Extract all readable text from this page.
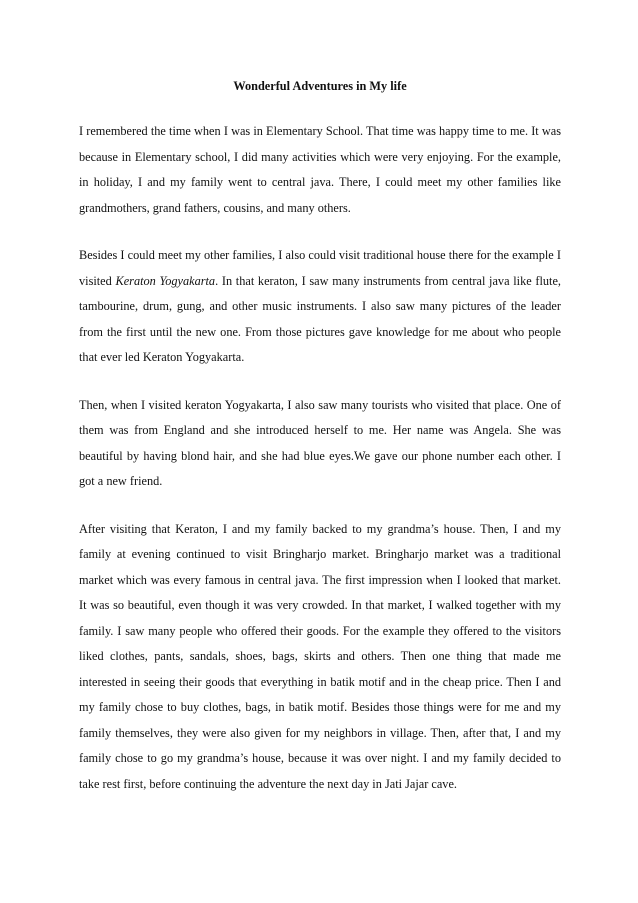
Wonderful Adventures in My life

I remembered the time when I was in Elementary School. That time was happy time to me. It was because in Elementary school, I did many activities which were very enjoying. For the example, in holiday, I and my family went to central java. There, I could meet my other families like grandmothers, grand fathers, cousins, and many others.

Besides I could meet my other families, I also could visit traditional house there for the example I visited Keraton Yogyakarta. In that keraton, I saw many instruments from central java like flute, tambourine, drum, gung, and other music instruments. I also saw many pictures of the leader from the first until the new one. From those pictures gave knowledge for me about who people that ever led Keraton Yogyakarta.

Then, when I visited keraton Yogyakarta, I also saw many tourists who visited that place. One of them was from England and she introduced herself to me. Her name was Angela. She was beautiful by having blond hair, and she had blue eyes.We gave our phone number each other. I got a new friend.

After visiting that Keraton, I and my family backed to my grandma’s house. Then, I and my family at evening continued to visit Bringharjo market. Bringharjo market was a traditional market which was every famous in central java. The first impression when I looked that market. It was so beautiful, even though it was very crowded. In that market, I walked together with my family. I saw many people who offered their goods. For the example they offered to the visitors liked clothes, pants, sandals, shoes, bags, skirts and others. Then one thing that made me interested in seeing their goods that everything in batik motif and in the cheap price. Then I and my family chose to buy clothes, bags, in batik motif. Besides those things were for me and my family themselves, they were also given for my neighbors in village. Then, after that, I and my family chose to go my grandma’s house, because it was over night. I and my family decided to take rest first, before continuing the adventure the next day in Jati Jajar cave.
